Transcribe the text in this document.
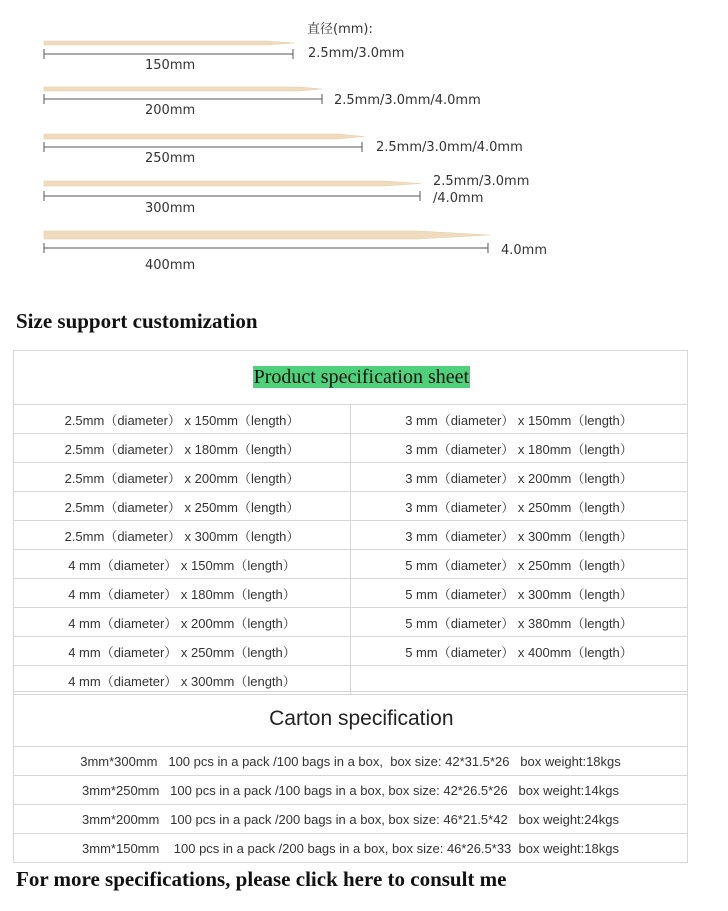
直径(mm):
150mm
2.5mm/3.0mm
200mm
2.5mm/3.0mm/4.0mm
250mm
2.5mm/3.0mm/4.0mm
300mm
2.5mm/3.0mm
/4.0mm
400mm
4.0mm
Size support customization

Product specification sheet	

2.5mm（diameter） x 150mm（length）	3 mm（diameter） x 150mm（length）
2.5mm（diameter） x 180mm（length）	3 mm（diameter） x 180mm（length）
2.5mm（diameter） x 200mm（length）	3 mm（diameter） x 200mm（length）
2.5mm（diameter） x 250mm（length）	3 mm（diameter） x 250mm（length）
2.5mm（diameter） x 300mm（length）	3 mm（diameter） x 300mm（length）
4 mm（diameter） x 150mm（length）	5 mm（diameter） x 250mm（length）
4 mm（diameter） x 180mm（length）	5 mm（diameter） x 300mm（length）
4 mm（diameter） x 200mm（length）	5 mm（diameter） x 380mm（length）
4 mm（diameter） x 250mm（length）	5 mm（diameter） x 400mm（length）
4 mm（diameter） x 300mm（length）	

Carton specification

3mm*300mm   100 pcs in a pack /100 bags in a box,  box size: 42*31.5*26   box weight:18kgs
3mm*250mm   100 pcs in a pack /100 bags in a box, box size: 42*26.5*26   box weight:14kgs
3mm*200mm   100 pcs in a pack /200 bags in a box, box size: 46*21.5*42   box weight:24kgs
3mm*150mm    100 pcs in a pack /200 bags in a box, box size: 46*26.5*33  box weight:18kgs
For more specifications, please click here to consult me
